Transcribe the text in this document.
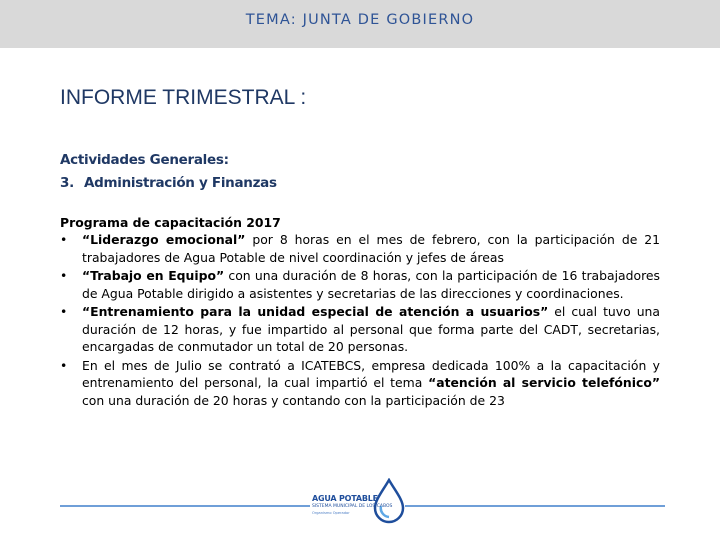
TEMA: JUNTA DE GOBIERNO
INFORME TRIMESTRAL :
Actividades Generales:
3. Administración y Finanzas
Programa de capacitación 2017
•	“Liderazgo emocional” por 8 horas en el mes de febrero, con la participación de 21 trabajadores de Agua Potable de nivel coordinación y jefes de áreas
•	“Trabajo en Equipo” con una duración de 8 horas, con la participación de 16 trabajadores de Agua Potable dirigido a asistentes y secretarias de las direcciones y coordinaciones.
•	“Entrenamiento para la unidad especial de atención a usuarios” el cual tuvo una duración de 12 horas, y fue impartido al personal que forma parte del CADT, secretarias, encargadas de conmutador un total de 20 personas.
•	En el mes de Julio se contrató a ICATEBCS, empresa dedicada 100% a la capacitación y entrenamiento del personal, la cual impartió el tema “atención al servicio telefónico” con una duración de 20 horas y contando con la participación de 23
AGUA POTABLE
SISTEMA MUNICIPAL DE LOS CABOS
Organismo Operador
